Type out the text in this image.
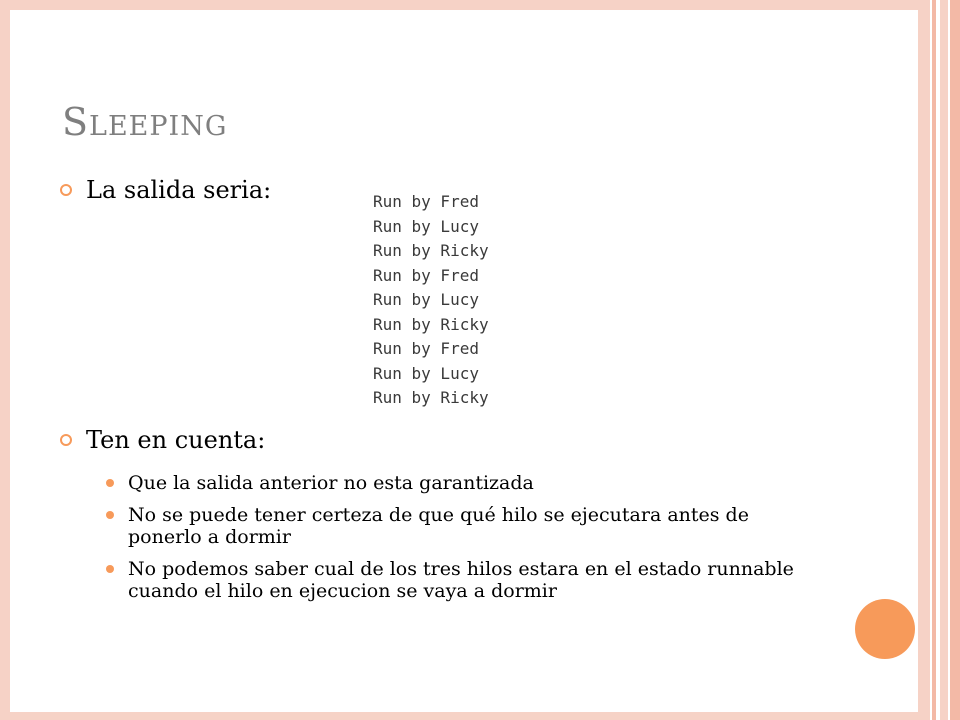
Sleeping
La salida seria:	Run by Fred
Run by Lucy
Run by Ricky
Run by Fred
Run by Lucy
Run by Ricky
Run by Fred
Run by Lucy
Run by Ricky
Ten en cuenta:
Que la salida anterior no esta garantizada
No se puede tener certeza de que qué hilo se ejecutara antes de ponerlo a dormir
No podemos saber cual de los tres hilos estara en el estado runnable cuando el hilo en ejecucion se vaya a dormir
